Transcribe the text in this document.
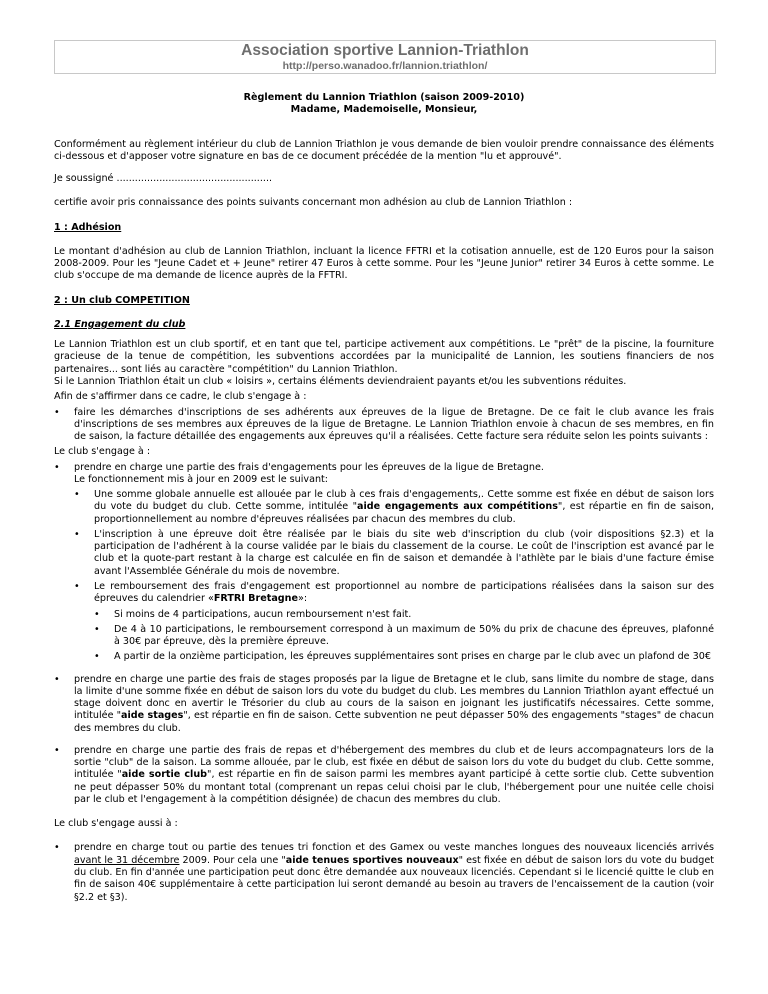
Association sportive Lannion-Triathlon
http://perso.wanadoo.fr/lannion.triathlon/
Règlement du Lannion Triathlon (saison 2009-2010)
Madame, Mademoiselle, Monsieur,

Conformément au règlement intérieur du club de Lannion Triathlon je vous demande de bien vouloir prendre connaissance des éléments ci-dessous et d'apposer votre signature en bas de ce document précédée de la mention "lu et approuvé".

Je soussigné ...................................................

certifie avoir pris connaissance des points suivants concernant mon adhésion au club de Lannion Triathlon :

1 : Adhésion

Le montant d'adhésion au club de Lannion Triathlon, incluant la licence FFTRI et la cotisation annuelle, est de 120 Euros pour la saison 2008-2009. Pour les "Jeune Cadet et + Jeune" retirer 47 Euros à cette somme. Pour les "Jeune Junior" retirer 34 Euros à cette somme. Le club s'occupe de ma demande de licence auprès de la FFTRI.

2 : Un club COMPETITION

2.1 Engagement du club

Le Lannion Triathlon est un club sportif, et en tant que tel, participe activement aux compétitions. Le "prêt" de la piscine, la fourniture gracieuse de la tenue de compétition, les subventions accordées par la municipalité de Lannion, les soutiens financiers de nos partenaires... sont liés au caractère "compétition" du Lannion Triathlon.

Si le Lannion Triathlon était un club « loisirs », certains éléments deviendraient payants et/ou les subventions réduites.

Afin de s'affirmer dans ce cadre, le club s'engage à :

• faire les démarches d'inscriptions de ses adhérents aux épreuves de la ligue de Bretagne. De ce fait le club avance les frais d'inscriptions de ses membres aux épreuves de la ligue de Bretagne. Le Lannion Triathlon envoie à chacun de ses membres, en fin de saison, la facture détaillée des engagements aux épreuves qu'il a réalisées. Cette facture sera réduite selon les points suivants :

Le club s'engage à :

• prendre en charge une partie des frais d'engagements pour les épreuves de la ligue de Bretagne.
Le fonctionnement mis à jour en 2009 est le suivant:

• Une somme globale annuelle est allouée par le club à ces frais d'engagements,. Cette somme est fixée en début de saison lors du vote du budget du club. Cette somme, intitulée "aide engagements aux compétitions", est répartie en fin de saison, proportionnellement au nombre d'épreuves réalisées par chacun des membres du club.

• L'inscription à une épreuve doit être réalisée par le biais du site web d'inscription du club (voir dispositions §2.3) et la participation de l'adhérent à la course validée par le biais du classement de la course. Le coût de l'inscription est avancé par le club et la quote-part restant à la charge est calculée en fin de saison et demandée à l'athlète par le biais d'une facture émise avant l'Assemblée Générale du mois de novembre.

• Le remboursement des frais d'engagement est proportionnel au nombre de participations réalisées dans la saison sur des épreuves du calendrier «FRTRI Bretagne»:

• Si moins de 4 participations, aucun remboursement n'est fait.

• De 4 à 10 participations, le remboursement correspond à un maximum de 50% du prix de chacune des épreuves, plafonné à 30€ par épreuve, dès la première épreuve.

• A partir de la onzième participation, les épreuves supplémentaires sont prises en charge par le club avec un plafond de 30€

• prendre en charge une partie des frais de stages proposés par la ligue de Bretagne et le club, sans limite du nombre de stage, dans la limite d'une somme fixée en début de saison lors du vote du budget du club. Les membres du Lannion Triathlon ayant effectué un stage doivent donc en avertir le Trésorier du club au cours de la saison en joignant les justificatifs nécessaires. Cette somme, intitulée "aide stages", est répartie en fin de saison. Cette subvention ne peut dépasser 50% des engagements "stages" de chacun des membres du club.

• prendre en charge une partie des frais de repas et d'hébergement des membres du club et de leurs accompagnateurs lors de la sortie "club" de la saison. La somme allouée, par le club, est fixée en début de saison lors du vote du budget du club. Cette somme, intitulée "aide sortie club", est répartie en fin de saison parmi les membres ayant participé à cette sortie club. Cette subvention ne peut dépasser 50% du montant total (comprenant un repas celui choisi par le club, l'hébergement pour une nuitée celle choisi par le club et l'engagement à la compétition désignée) de chacun des membres du club.

Le club s'engage aussi à :

• prendre en charge tout ou partie des tenues tri fonction et des Gamex ou veste manches longues des nouveaux licenciés arrivés avant le 31 décembre 2009. Pour cela une "aide tenues sportives nouveaux" est fixée en début de saison lors du vote du budget du club. En fin d'année une participation peut donc être demandée aux nouveaux licenciés. Cependant si le licencié quitte le club en fin de saison 40€ supplémentaire à cette participation lui seront demandé au besoin au travers de l'encaissement de la caution (voir §2.2 et §3).
